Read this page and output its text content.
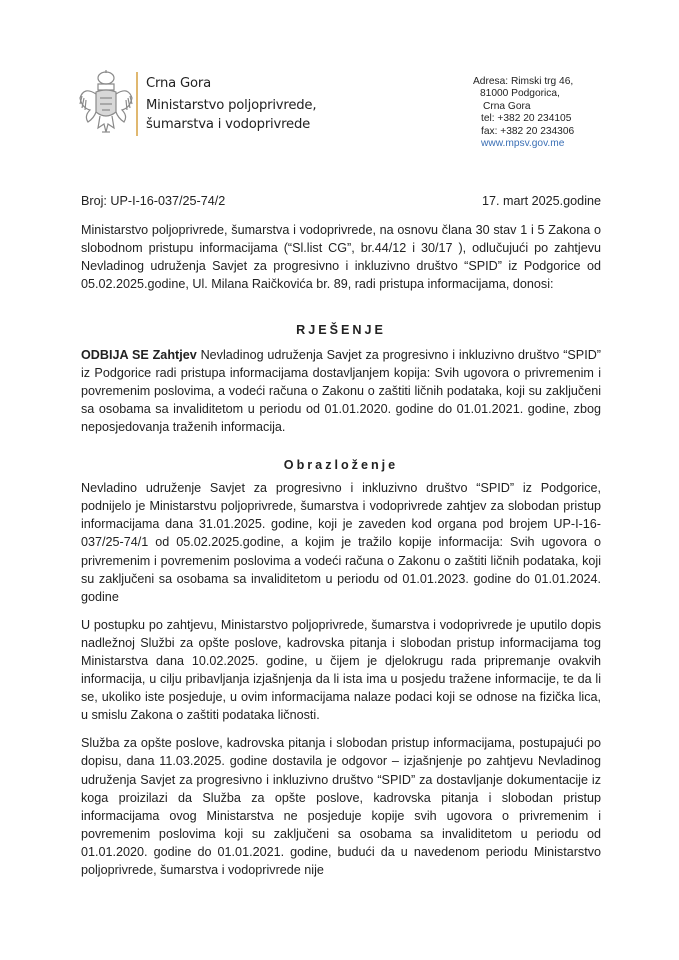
Crna Gora
Ministarstvo poljoprivrede,
šumarstva i vodoprivrede
Adresa: Rimski trg 46,
81000 Podgorica,
Crna Gora
tel: +382 20 234105
fax: +382 20 234306
www.mpsv.gov.me
Broj: UP-I-16-037/25-74/2	17. mart 2025.godine

Ministarstvo poljoprivrede, šumarstva i vodoprivrede, na osnovu člana 30 stav 1 i 5 Zakona o slobodnom pristupu informacijama (“Sl.list CG”, br.44/12 i 30/17 ), odlučujući po zahtjevu Nevladinog udruženja Savjet za progresivno i inkluzivno društvo “SPID” iz Podgorice od 05.02.2025.godine, Ul. Milana Raičkovića br. 89, radi pristupa informacijama, donosi:

RJEŠENJE

ODBIJA SE Zahtjev Nevladinog udruženja Savjet za progresivno i inkluzivno društvo “SPID” iz Podgorice radi pristupa informacijama dostavljanjem kopija: Svih ugovora o privremenim i povremenim poslovima, a vodeći računa o Zakonu o zaštiti ličnih podataka, koji su zaključeni sa osobama sa invaliditetom u periodu od 01.01.2020. godine do 01.01.2021. godine, zbog neposjedovanja traženih informacija.

Obrazloženje

Nevladino udruženje Savjet za progresivno i inkluzivno društvo “SPID” iz Podgorice, podnijelo je Ministarstvu poljoprivrede, šumarstva i vodoprivrede zahtjev za slobodan pristup informacijama dana 31.01.2025. godine, koji je zaveden kod organa pod brojem UP-I-16-037/25-74/1 od 05.02.2025.godine, a kojim je tražilo kopije informacija: Svih ugovora o privremenim i povremenim poslovima a vodeći računa o Zakonu o zaštiti ličnih podataka, koji su zaključeni sa osobama sa invaliditetom u periodu od 01.01.2023. godine do 01.01.2024. godine

U postupku po zahtjevu, Ministarstvo poljoprivrede, šumarstva i vodoprivrede je uputilo dopis nadležnoj Službi za opšte poslove, kadrovska pitanja i slobodan pristup informacijama tog Ministarstva dana 10.02.2025. godine, u čijem je djelokrugu rada pripremanje ovakvih informacija, u cilju pribavljanja izjašnjenja da li ista ima u posjedu tražene informacije, te da li se, ukoliko iste posjeduje, u ovim informacijama nalaze podaci koji se odnose na fizička lica, u smislu Zakona o zaštiti podataka ličnosti.

Služba za opšte poslove, kadrovska pitanja i slobodan pristup informacijama, postupajući po dopisu, dana 11.03.2025. godine dostavila je odgovor – izjašnjenje po zahtjevu Nevladinog udruženja Savjet za progresivno i inkluzivno društvo “SPID” za dostavljanje dokumentacije iz koga proizilazi da Služba za opšte poslove, kadrovska pitanja i slobodan pristup informacijama ovog Ministarstva ne posjeduje kopije svih ugovora o privremenim i povremenim poslovima koji su zaključeni sa osobama sa invaliditetom u periodu od 01.01.2020. godine do 01.01.2021. godine, budući da u navedenom periodu Ministarstvo poljoprivrede, šumarstva i vodoprivrede nije
